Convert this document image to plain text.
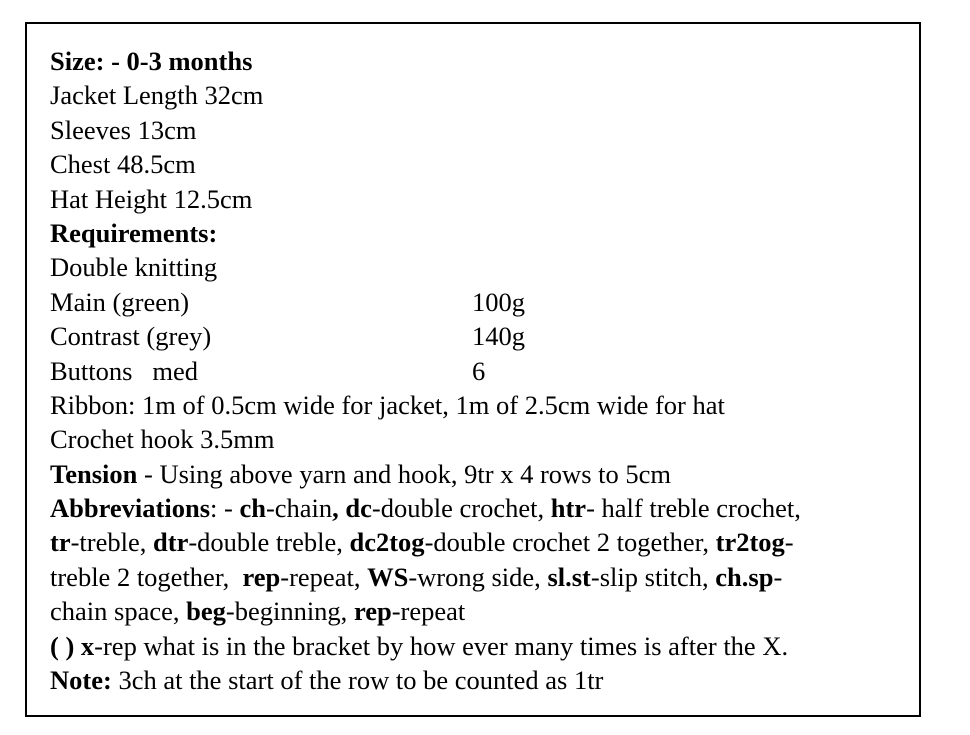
Size: - 0-3 months
Jacket Length 32cm
Sleeves 13cm
Chest 48.5cm
Hat Height 12.5cm
Requirements:
Double knitting
Main (green)	100g
Contrast (grey)	140g
Buttons   med	6
Ribbon: 1m of 0.5cm wide for jacket, 1m of 2.5cm wide for hat
Crochet hook 3.5mm
Tension - Using above yarn and hook, 9tr x 4 rows to 5cm
Abbreviations: - ch-chain, dc-double crochet, htr- half treble crochet,
tr-treble, dtr-double treble, dc2tog-double crochet 2 together, tr2tog-
treble 2 together,  rep-repeat, WS-wrong side, sl.st-slip stitch, ch.sp-
chain space, beg-beginning, rep-repeat
( ) x-rep what is in the bracket by how ever many times is after the X.
Note: 3ch at the start of the row to be counted as 1tr
